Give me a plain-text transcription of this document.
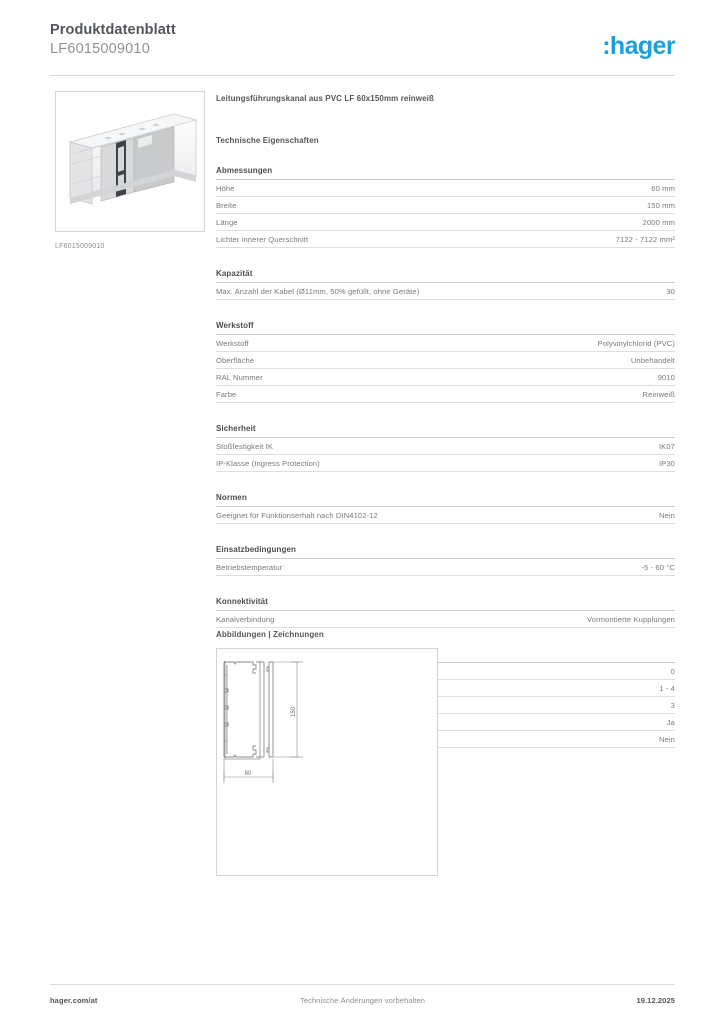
Produktdatenblatt
LF6015009010	:hager
LF6015009010
Leitungsführungskanal aus PVC LF 60x150mm reinweiß
Technische Eigenschaften
Abmessungen
Höhe	60 mm
Breite	150 mm
Länge	2000 mm
Lichter innerer Querschnitt	7122 - 7122 mm²
Kapazität
Max. Anzahl der Kabel (Ø11mm, 50% gefüllt, ohne Geräte)	30
Werkstoff
Werkstoff	Polyvinylchlorid (PVC)
Oberfläche	Unbehandelt
RAL Nummer	9010
Farbe	Reinweiß
Sicherheit
Stoßfestigkeit IK	IK07
IP-Klasse (Ingress Protection)	IP30
Normen
Geeignet für Funktionserhalt nach DIN4102-12	Nein
Einsatzbedingungen
Betriebstemperatur	-5 - 60 °C
Konnektivität
Kanalverbindung	Vormontierte Kupplungen
0
1 - 4
3
Ja
Nein
Abbildungen | Zeichnungen
150
60
hager.com/at	Technische Änderungen vorbehalten	19.12.2025
